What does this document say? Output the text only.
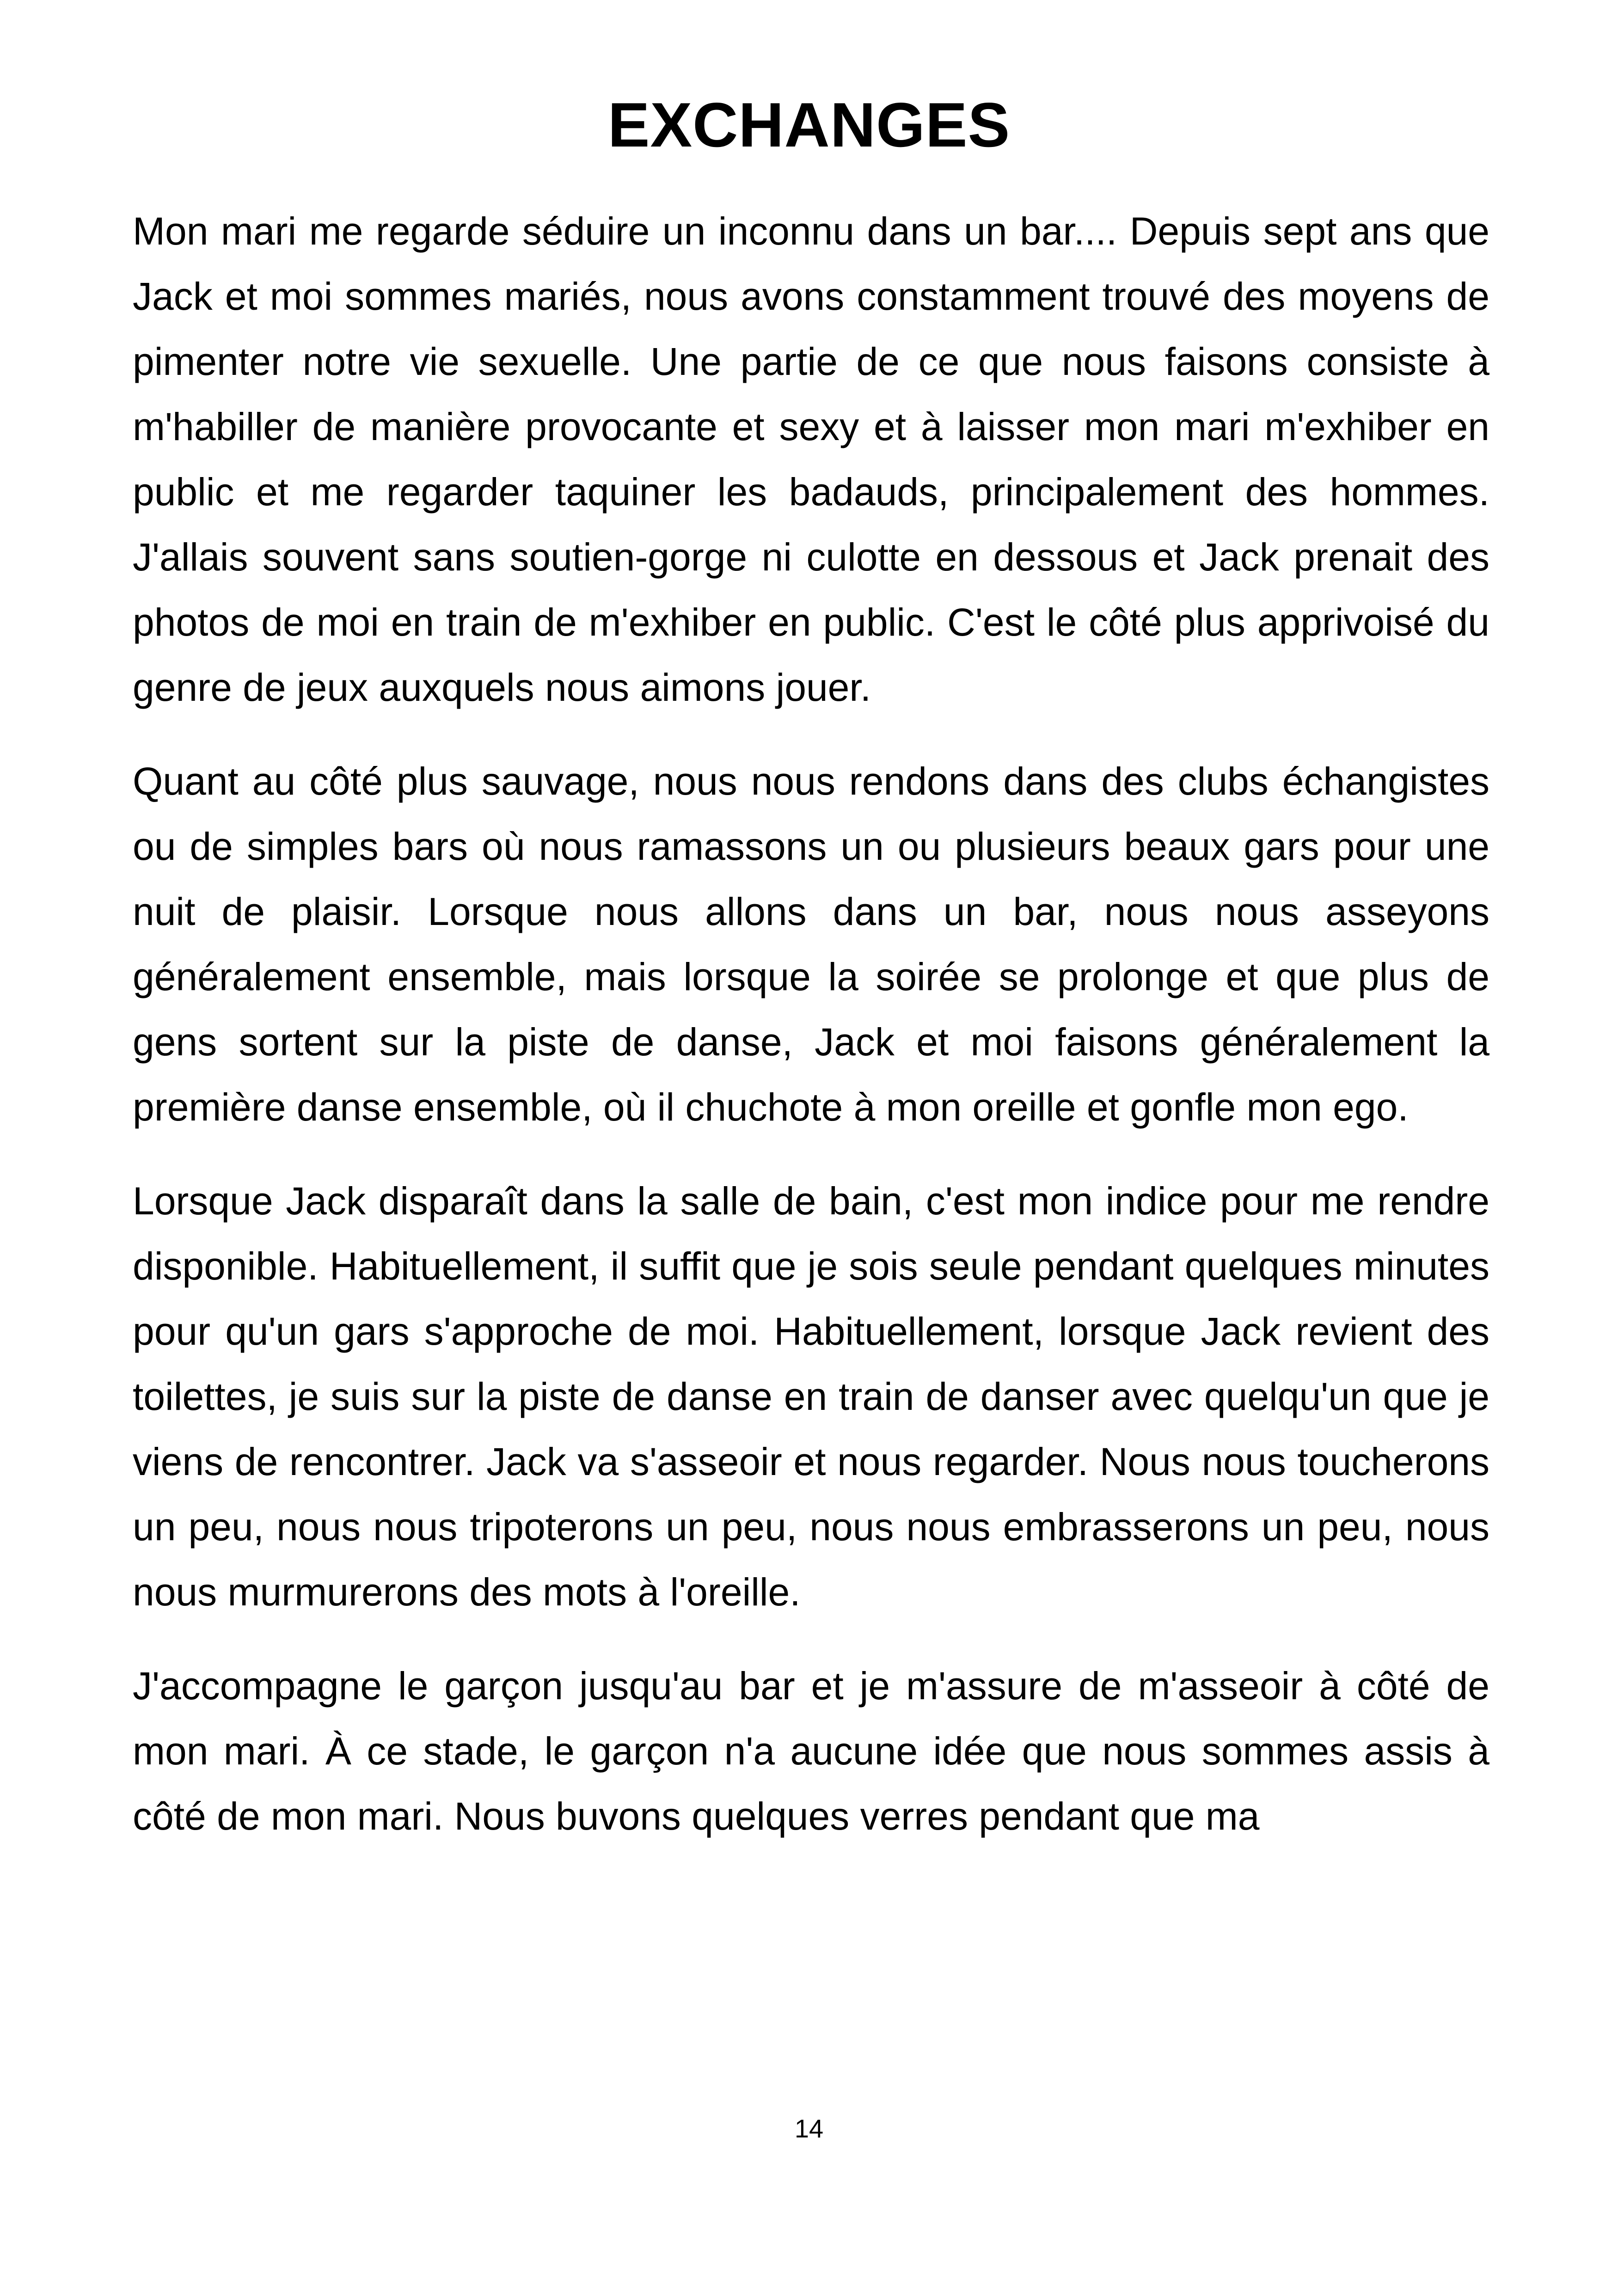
EXCHANGES

Mon mari me regarde séduire un inconnu dans un bar.... Depuis sept ans que Jack et moi sommes mariés, nous avons constamment trouvé des moyens de pimenter notre vie sexuelle. Une partie de ce que nous faisons consiste à m'habiller de manière provocante et sexy et à laisser mon mari m'exhiber en public et me regarder taquiner les badauds, principalement des hommes. J'allais souvent sans soutien-gorge ni culotte en dessous et Jack prenait des photos de moi en train de m'exhiber en public. C'est le côté plus apprivoisé du genre de jeux auxquels nous aimons jouer.

Quant au côté plus sauvage, nous nous rendons dans des clubs échangistes ou de simples bars où nous ramassons un ou plusieurs beaux gars pour une nuit de plaisir. Lorsque nous allons dans un bar, nous nous asseyons généralement ensemble, mais lorsque la soirée se prolonge et que plus de gens sortent sur la piste de danse, Jack et moi faisons généralement la première danse ensemble, où il chuchote à mon oreille et gonfle mon ego.

Lorsque Jack disparaît dans la salle de bain, c'est mon indice pour me rendre disponible. Habituellement, il suffit que je sois seule pendant quelques minutes pour qu'un gars s'approche de moi. Habituellement, lorsque Jack revient des toilettes, je suis sur la piste de danse en train de danser avec quelqu'un que je viens de rencontrer. Jack va s'asseoir et nous regarder. Nous nous toucherons un peu, nous nous tripoterons un peu, nous nous embrasserons un peu, nous nous murmurerons des mots à l'oreille.

J'accompagne le garçon jusqu'au bar et je m'assure de m'asseoir à côté de mon mari. À ce stade, le garçon n'a aucune idée que nous sommes assis à côté de mon mari. Nous buvons quelques verres pendant que ma

14
